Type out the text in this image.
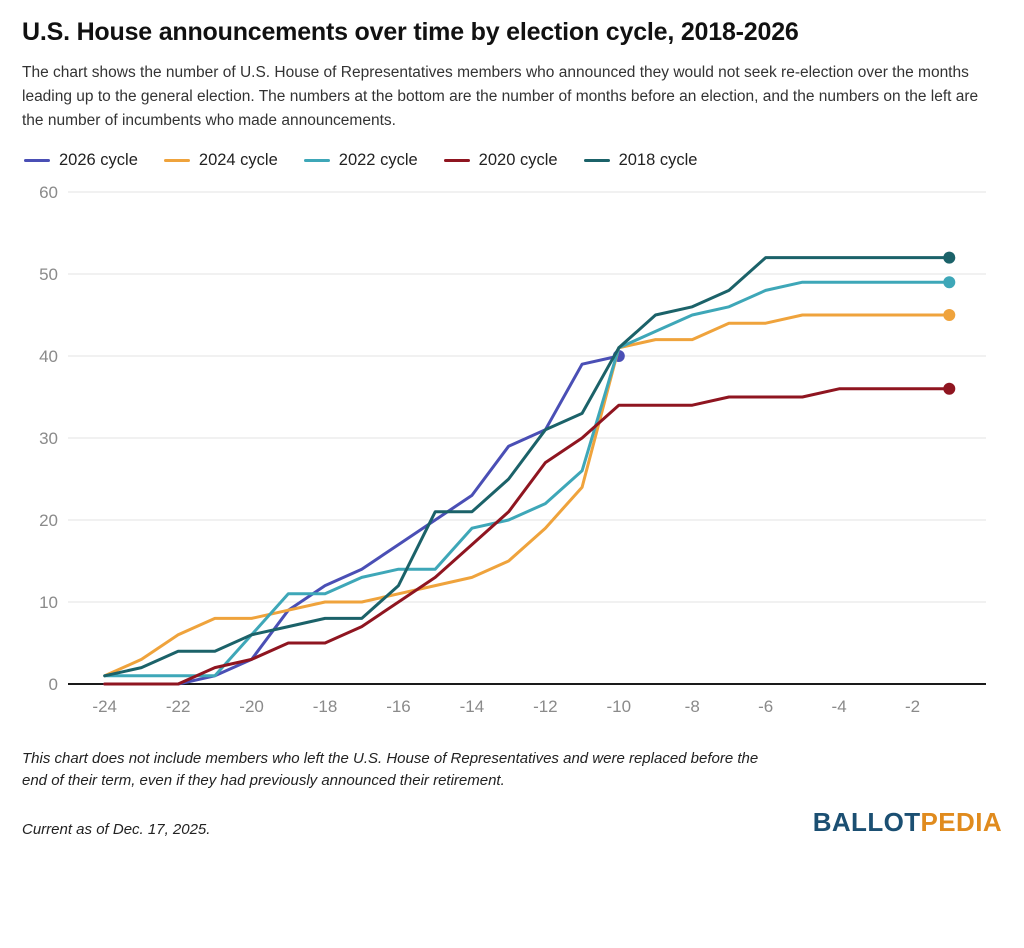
U.S. House announcements over time by election cycle, 2018-2026

The chart shows the number of U.S. House of Representatives members who announced they would not seek re-election over the months leading up to the general election. The numbers at the bottom are the number of months before an election, and the numbers on the left are the number of incumbents who made announcements.

2026 cycle	2024 cycle	2022 cycle	2020 cycle	2018 cycle
0
10
20
30
40
50
60
-24	-22	-20	-18	-16	-14	-12	-10	-8	-6	-4	-2

This chart does not include members who left the U.S. House of Representatives and were replaced before the end of their term, even if they had previously announced their retirement.

Current as of Dec. 17, 2025.	BALLOTPEDIA
